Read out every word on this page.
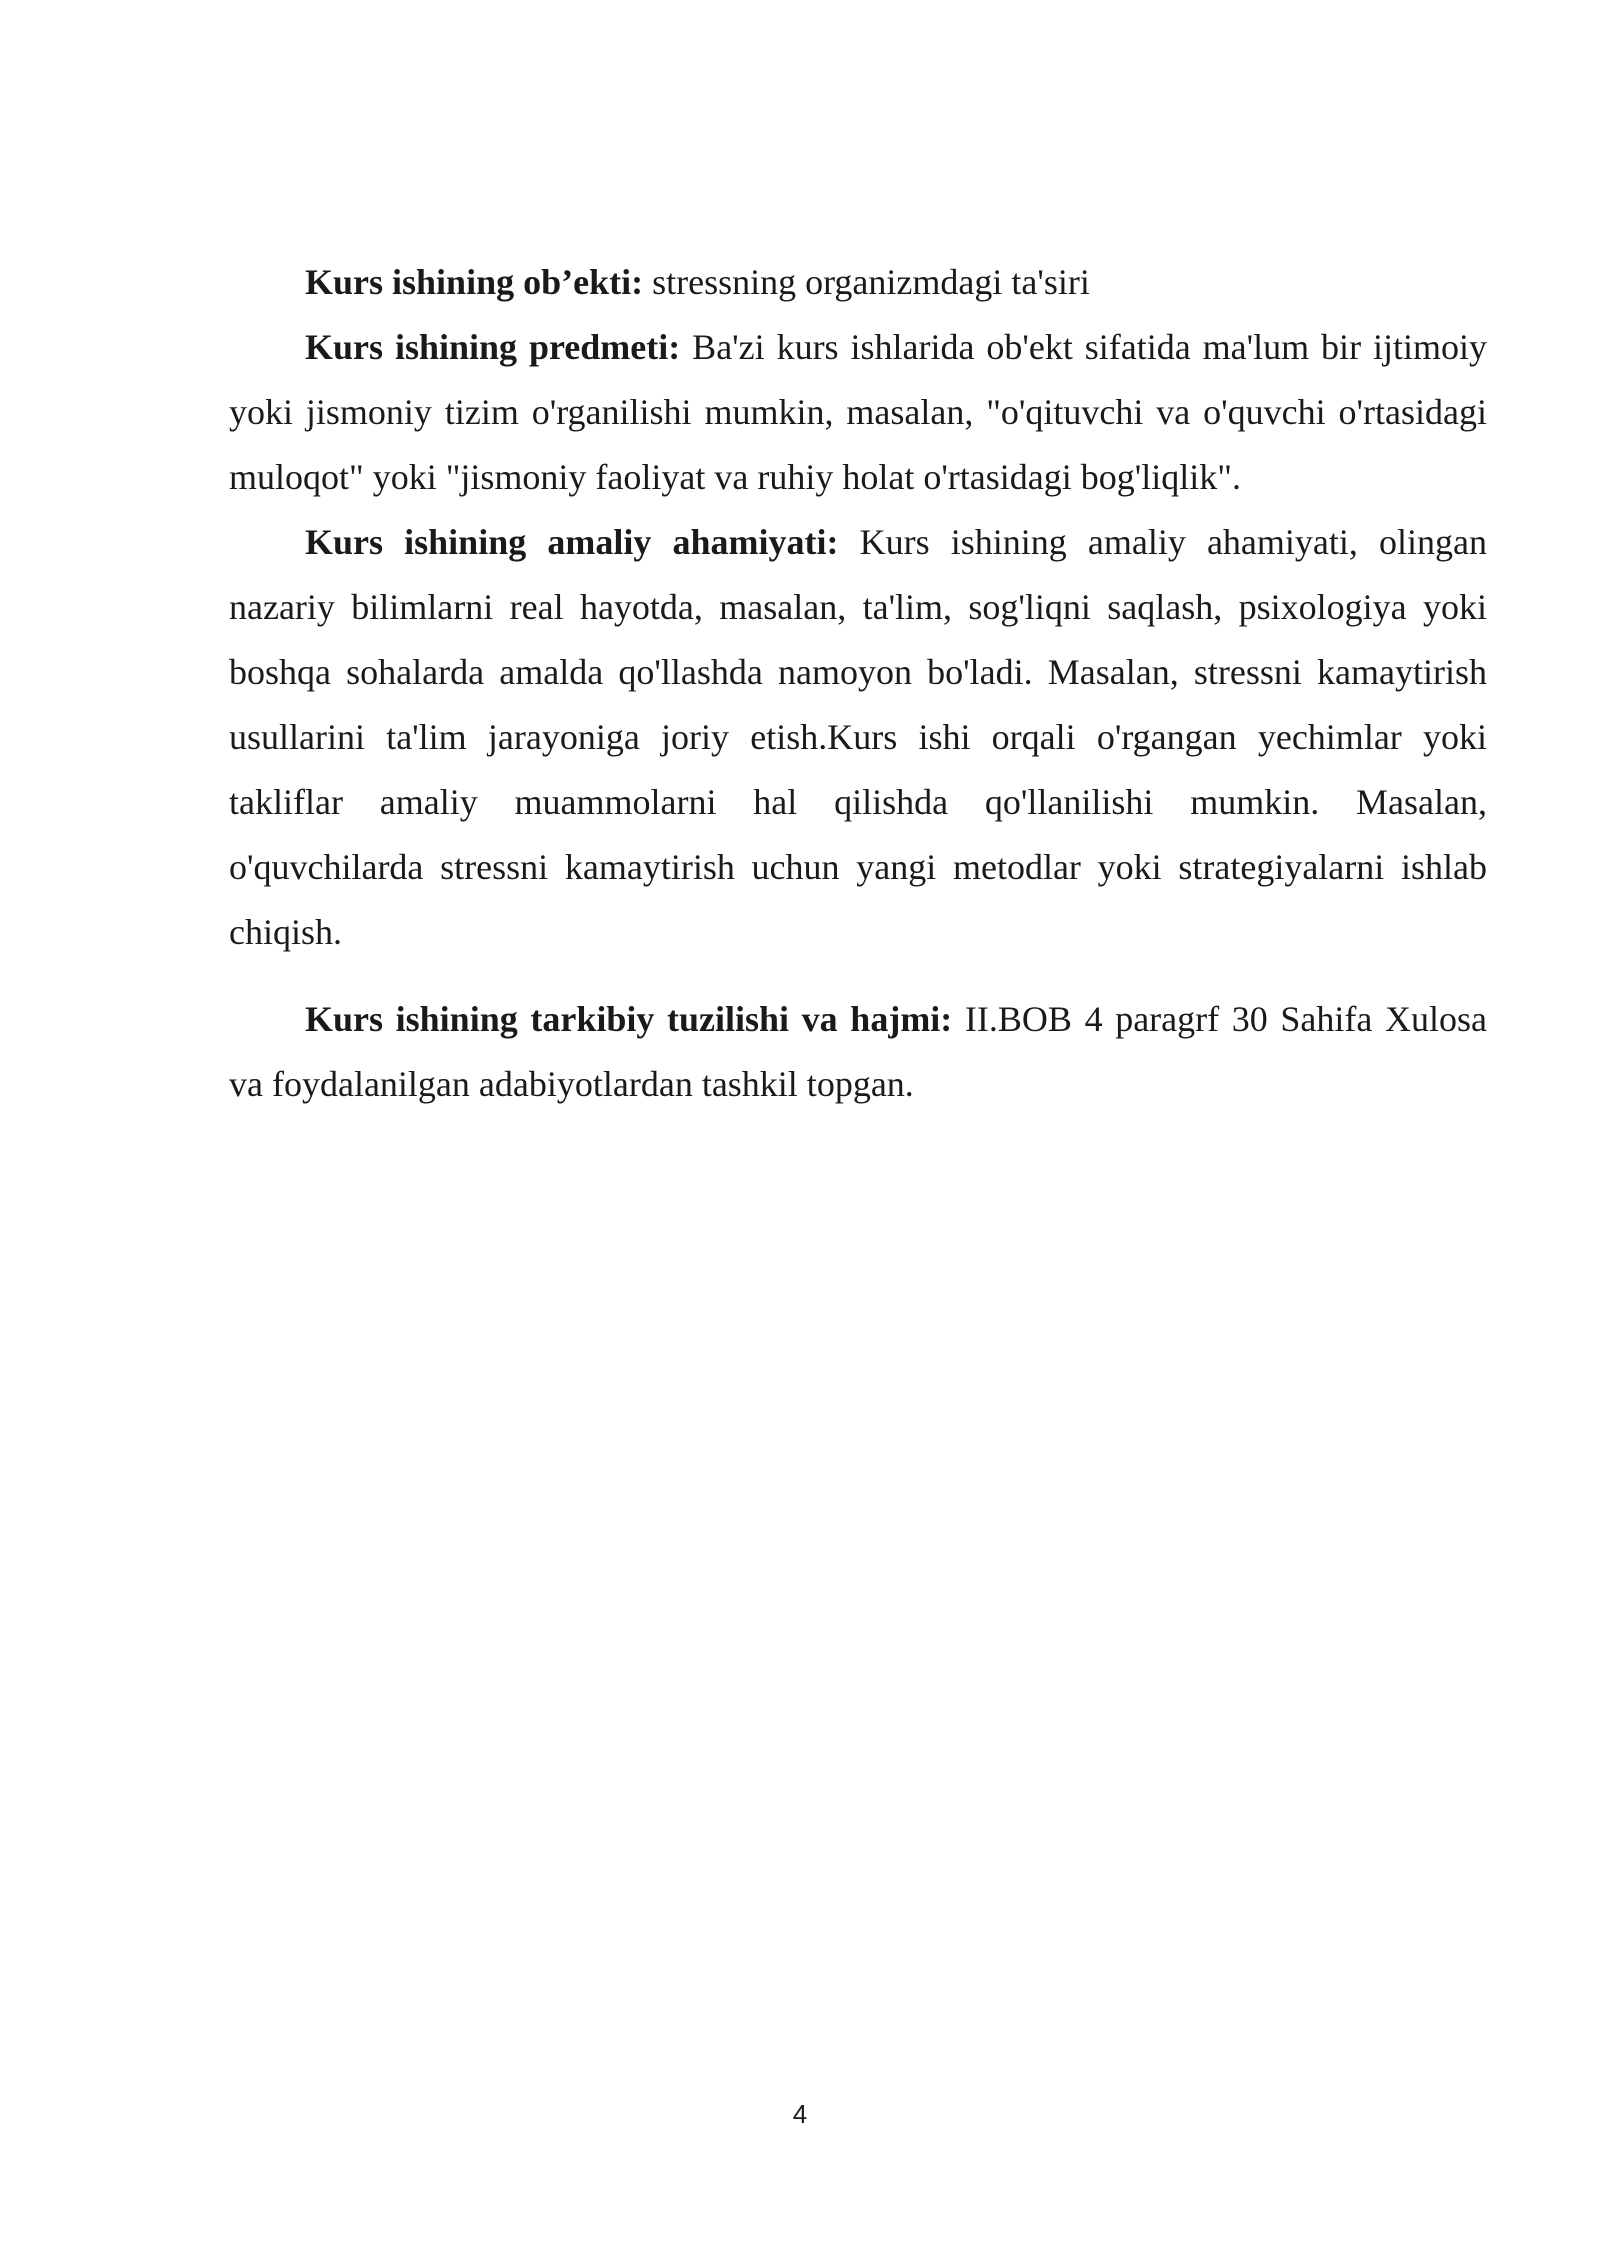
Kurs ishining ob’ekti: stressning organizmdagi ta'siri

Kurs ishining predmeti: Ba'zi kurs ishlarida ob'ekt sifatida ma'lum bir ijtimoiy yoki jismoniy tizim o'rganilishi mumkin, masalan, "o'qituvchi va o'quvchi o'rtasidagi muloqot" yoki "jismoniy faoliyat va ruhiy holat o'rtasidagi bog'liqlik".

Kurs ishining amaliy ahamiyati: Kurs ishining amaliy ahamiyati, olingan nazariy bilimlarni real hayotda, masalan, ta'lim, sog'liqni saqlash, psixologiya yoki boshqa sohalarda amalda qo'llashda namoyon bo'ladi. Masalan, stressni kamaytirish usullarini ta'lim jarayoniga joriy etish.Kurs ishi orqali o'rgangan yechimlar yoki takliflar amaliy muammolarni hal qilishda qo'llanilishi mumkin. Masalan, o'quvchilarda stressni kamaytirish uchun yangi metodlar yoki strategiyalarni ishlab chiqish.

Kurs ishining tarkibiy tuzilishi va hajmi: II.BOB 4 paragrf 30 Sahifa Xulosa va foydalanilgan adabiyotlardan tashkil topgan.

4
